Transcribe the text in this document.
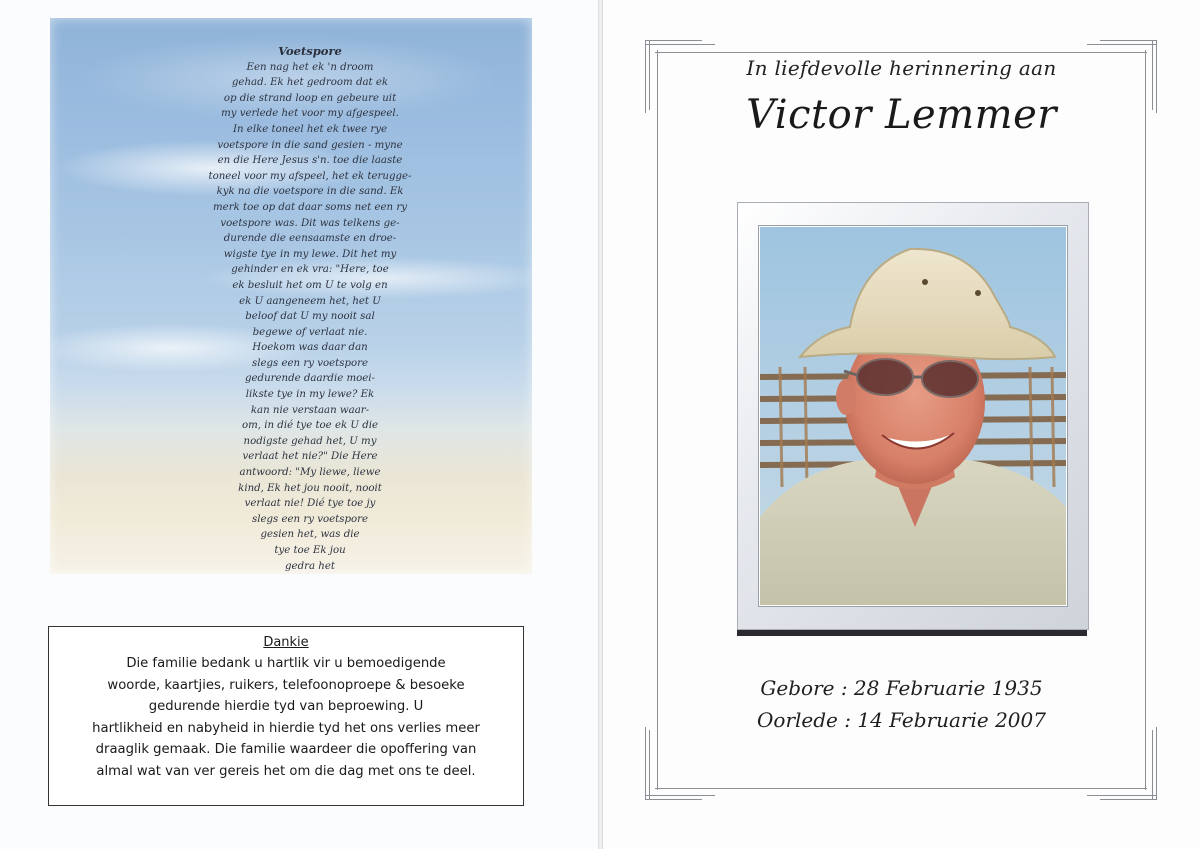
Voetspore
Een nag het ek 'n droom
gehad. Ek het gedroom dat ek
op die strand loop en gebeure uit
my verlede het voor my afgespeel.
In elke toneel het ek twee rye
voetspore in die sand gesien - myne
en die Here Jesus s'n. toe die laaste
toneel voor my afspeel, het ek terugge-
kyk na die voetspore in die sand. Ek
merk toe op dat daar soms net een ry
voetspore was. Dit was telkens ge-
durende die eensaamste en droe-
wigste tye in my lewe. Dit het my
gehinder en ek vra: "Here, toe
ek besluit het om U te volg en
ek U aangeneem het, het U
beloof dat U my nooit sal
begewe of verlaat nie.
Hoekom was daar dan
slegs een ry voetspore
gedurende daardie moei-
likste tye in my lewe? Ek
kan nie verstaan waar-
om, in dié tye toe ek U die
nodigste gehad het, U my
verlaat het nie?" Die Here
antwoord: "My liewe, liewe
kind, Ek het jou nooit, nooit
verlaat nie! Dié tye toe jy
slegs een ry voetspore
gesien het, was die
tye toe Ek jou
gedra het
Dankie
Die familie bedank u hartlik vir u bemoedigende
woorde, kaartjies, ruikers, telefoonoproepe & besoeke
gedurende hierdie tyd van beproewing. U
hartlikheid en nabyheid in hierdie tyd het ons verlies meer
draaglik gemaak. Die familie waardeer die opoffering van
almal wat van ver gereis het om die dag met ons te deel.
In liefdevolle herinnering aan
Victor Lemmer
Gebore : 28 Februarie 1935
Oorlede : 14 Februarie 2007
